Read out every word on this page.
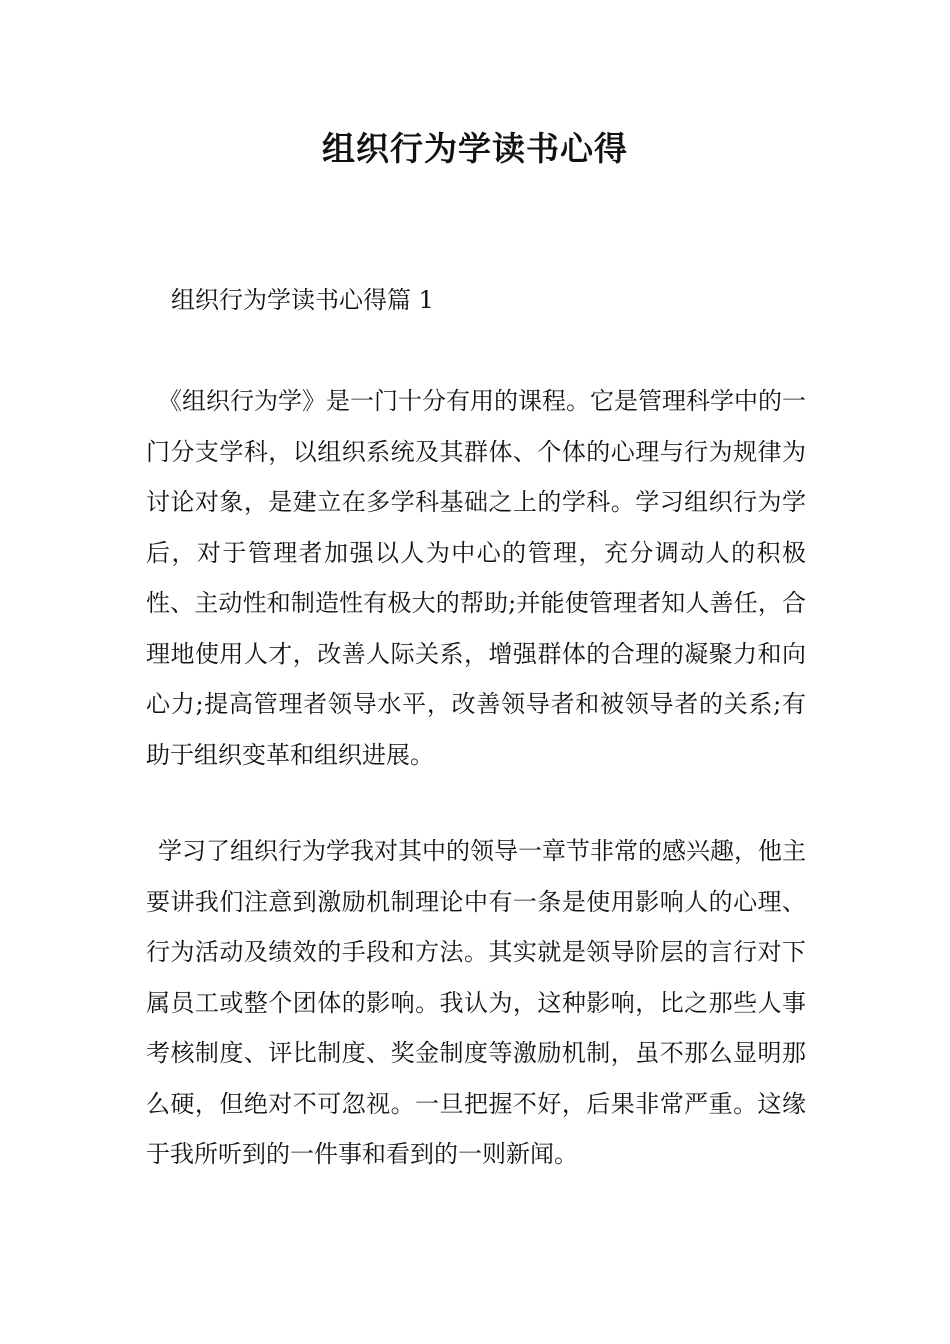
组织行为学读书心得
组织行为学读书心得篇 1

《组织行为学》是一门十分有用的课程。它是管理科学中的一门分支学科，以组织系统及其群体、个体的心理与行为规律为讨论对象，是建立在多学科基础之上的学科。学习组织行为学后，对于管理者加强以人为中心的管理，充分调动人的积极性、主动性和制造性有极大的帮助;并能使管理者知人善任，合理地使用人才，改善人际关系，增强群体的合理的凝聚力和向心力;提高管理者领导水平，改善领导者和被领导者的关系;有助于组织变革和组织进展。

学习了组织行为学我对其中的领导一章节非常的感兴趣，他主要讲我们注意到激励机制理论中有一条是使用影响人的心理、行为活动及绩效的手段和方法。其实就是领导阶层的言行对下属员工或整个团体的影响。我认为，这种影响，比之那些人事考核制度、评比制度、奖金制度等激励机制，虽不那么显明那么硬，但绝对不可忽视。一旦把握不好，后果非常严重。这缘于我所听到的一件事和看到的一则新闻。
